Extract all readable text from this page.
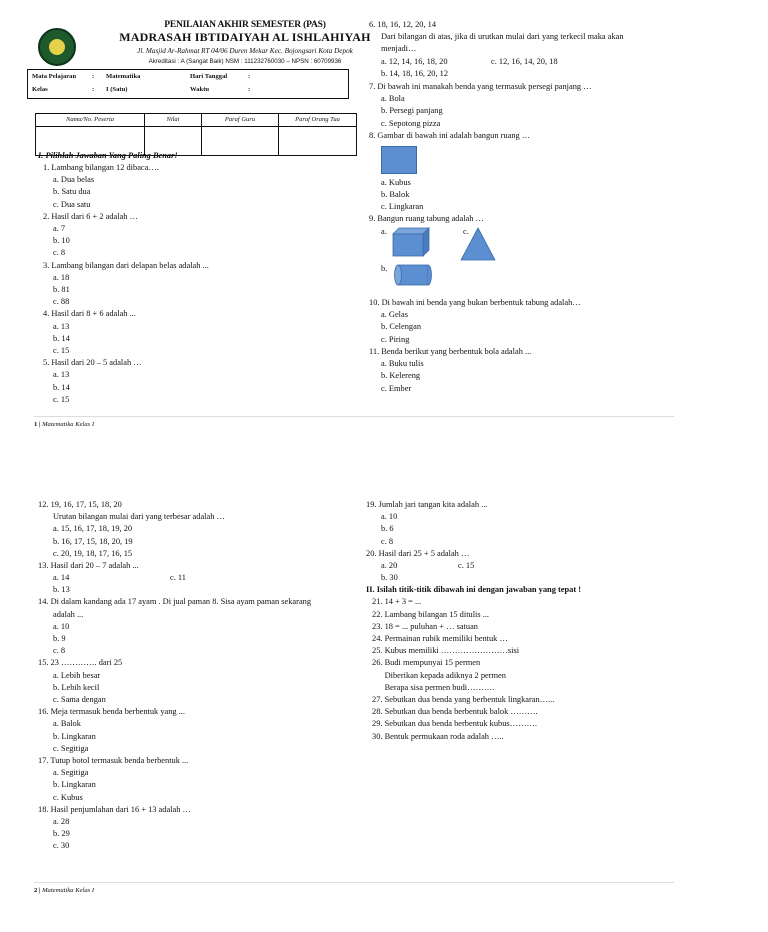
PENILAIAN AKHIR SEMESTER (PAS)
MADRASAH IBTIDAIYAH AL ISHLAHIYAH
Jl. Masjid Ar-Rahmat RT 04/06 Duren Mekar Kec. Bojongsari Kota Depok
Akreditasi : A (Sangat Baik) NSM : 111232760030 – NPSN : 60709936
Mata Pelajaran : Matematika	Hari Tanggal	:
Kelas	: I (Satu)	Waktu	:
Nama/No. Peserta	Nilai	Paraf Guru	Paraf Orang Tua

I. Pilihlah Jawaban Yang Paling Benar!
1. Lambang bilangan 12 dibaca….
a. Dua belas
b. Satu dua
c. Dua satu
2. Hasil dari 6 + 2 adalah …
a. 7
b. 10
c. 8
3. Lambang bilangan dari delapan belas adalah ...
a. 18
b. 81
c. 88
4. Hasil dari 8 + 6 adalah ...
a. 13
b. 14
c. 15
5. Hasil dari 20 – 5 adalah …
a. 13
b. 14
c. 15
6. 18, 16, 12, 20, 14
Dari bilangan di atas, jika di urutkan mulai dari yang terkecil maka akan
menjadi…
a. 12, 14, 16, 18, 20	c. 12, 16, 14, 20, 18
b. 14, 18, 16, 20, 12
7. Di bawah ini manakah benda yang termasuk persegi panjang …
a. Bola
b. Persegi panjang
c. Sepotong pizza
8. Gambar di bawah ini adalah bangun ruang …
a. Kubus
b. Balok
c. Lingkaran
9. Bangun ruang tabung adalah …
a.	c.
b.
10. Di bawah ini benda yang bukan berbentuk tabung adalah…
a. Gelas
b. Celengan
c. Piring
11. Benda berikut yang berbentuk bola adalah ...
a. Buku tulis
b. Kelereng
c. Ember
1 | Matematika Kelas I
12. 19, 16, 17, 15, 18, 20
Urutan bilangan mulai dari yang terbesar adalah …
a. 15, 16, 17, 18, 19, 20
b. 16, 17, 15, 18, 20, 19
c. 20, 19, 18, 17, 16, 15
13. Hasil dari 20 – 7 adalah ...
a. 14	c. 11
b. 13
14. Di dalam kandang ada 17 ayam . Di jual paman 8. Sisa ayam paman sekarang
adalah ...
a. 10
b. 9
c. 8
15. 23 …………. dari 25
a. Lebih besar
b. Lebih kecil
c. Sama dengan
16. Meja termasuk benda berbentuk yang ...
a. Balok
b. Lingkaran
c. Segitiga
17. Tutup botol termasuk benda berbentuk ...
a. Segitiga
b. Lingkaran
c. Kubus
18. Hasil penjumlahan dari 16 + 13 adalah …
a. 28
b. 29
c. 30
19. Jumlah jari tangan kita adalah ...
a. 10
b. 6
c. 8
20. Hasil dari 25 + 5 adalah …
a. 20	c. 15
b. 30
II. Isilah titik-titik dibawah ini dengan jawaban yang tepat !
21. 14 + 3 = ...
22. Lambang bilangan 15 ditulis ...
23. 18 = ... puluhan + … satuan
24. Permainan rubik memiliki bentuk …
25. Kubus memiliki ……………………sisi
26. Budi mempunyai 15 permen
Diberikan kepada adiknya 2 permen
Berapa sisa permen budi……….
27. Sebutkan dua benda yang berbentuk lingkaran…...
28. Sebutkan dua benda berbentuk balok ……….
29. Sebutkan dua benda berbentuk kubus……….
30. Bentuk permukaan roda adalah …..
2 | Matematika Kelas I
